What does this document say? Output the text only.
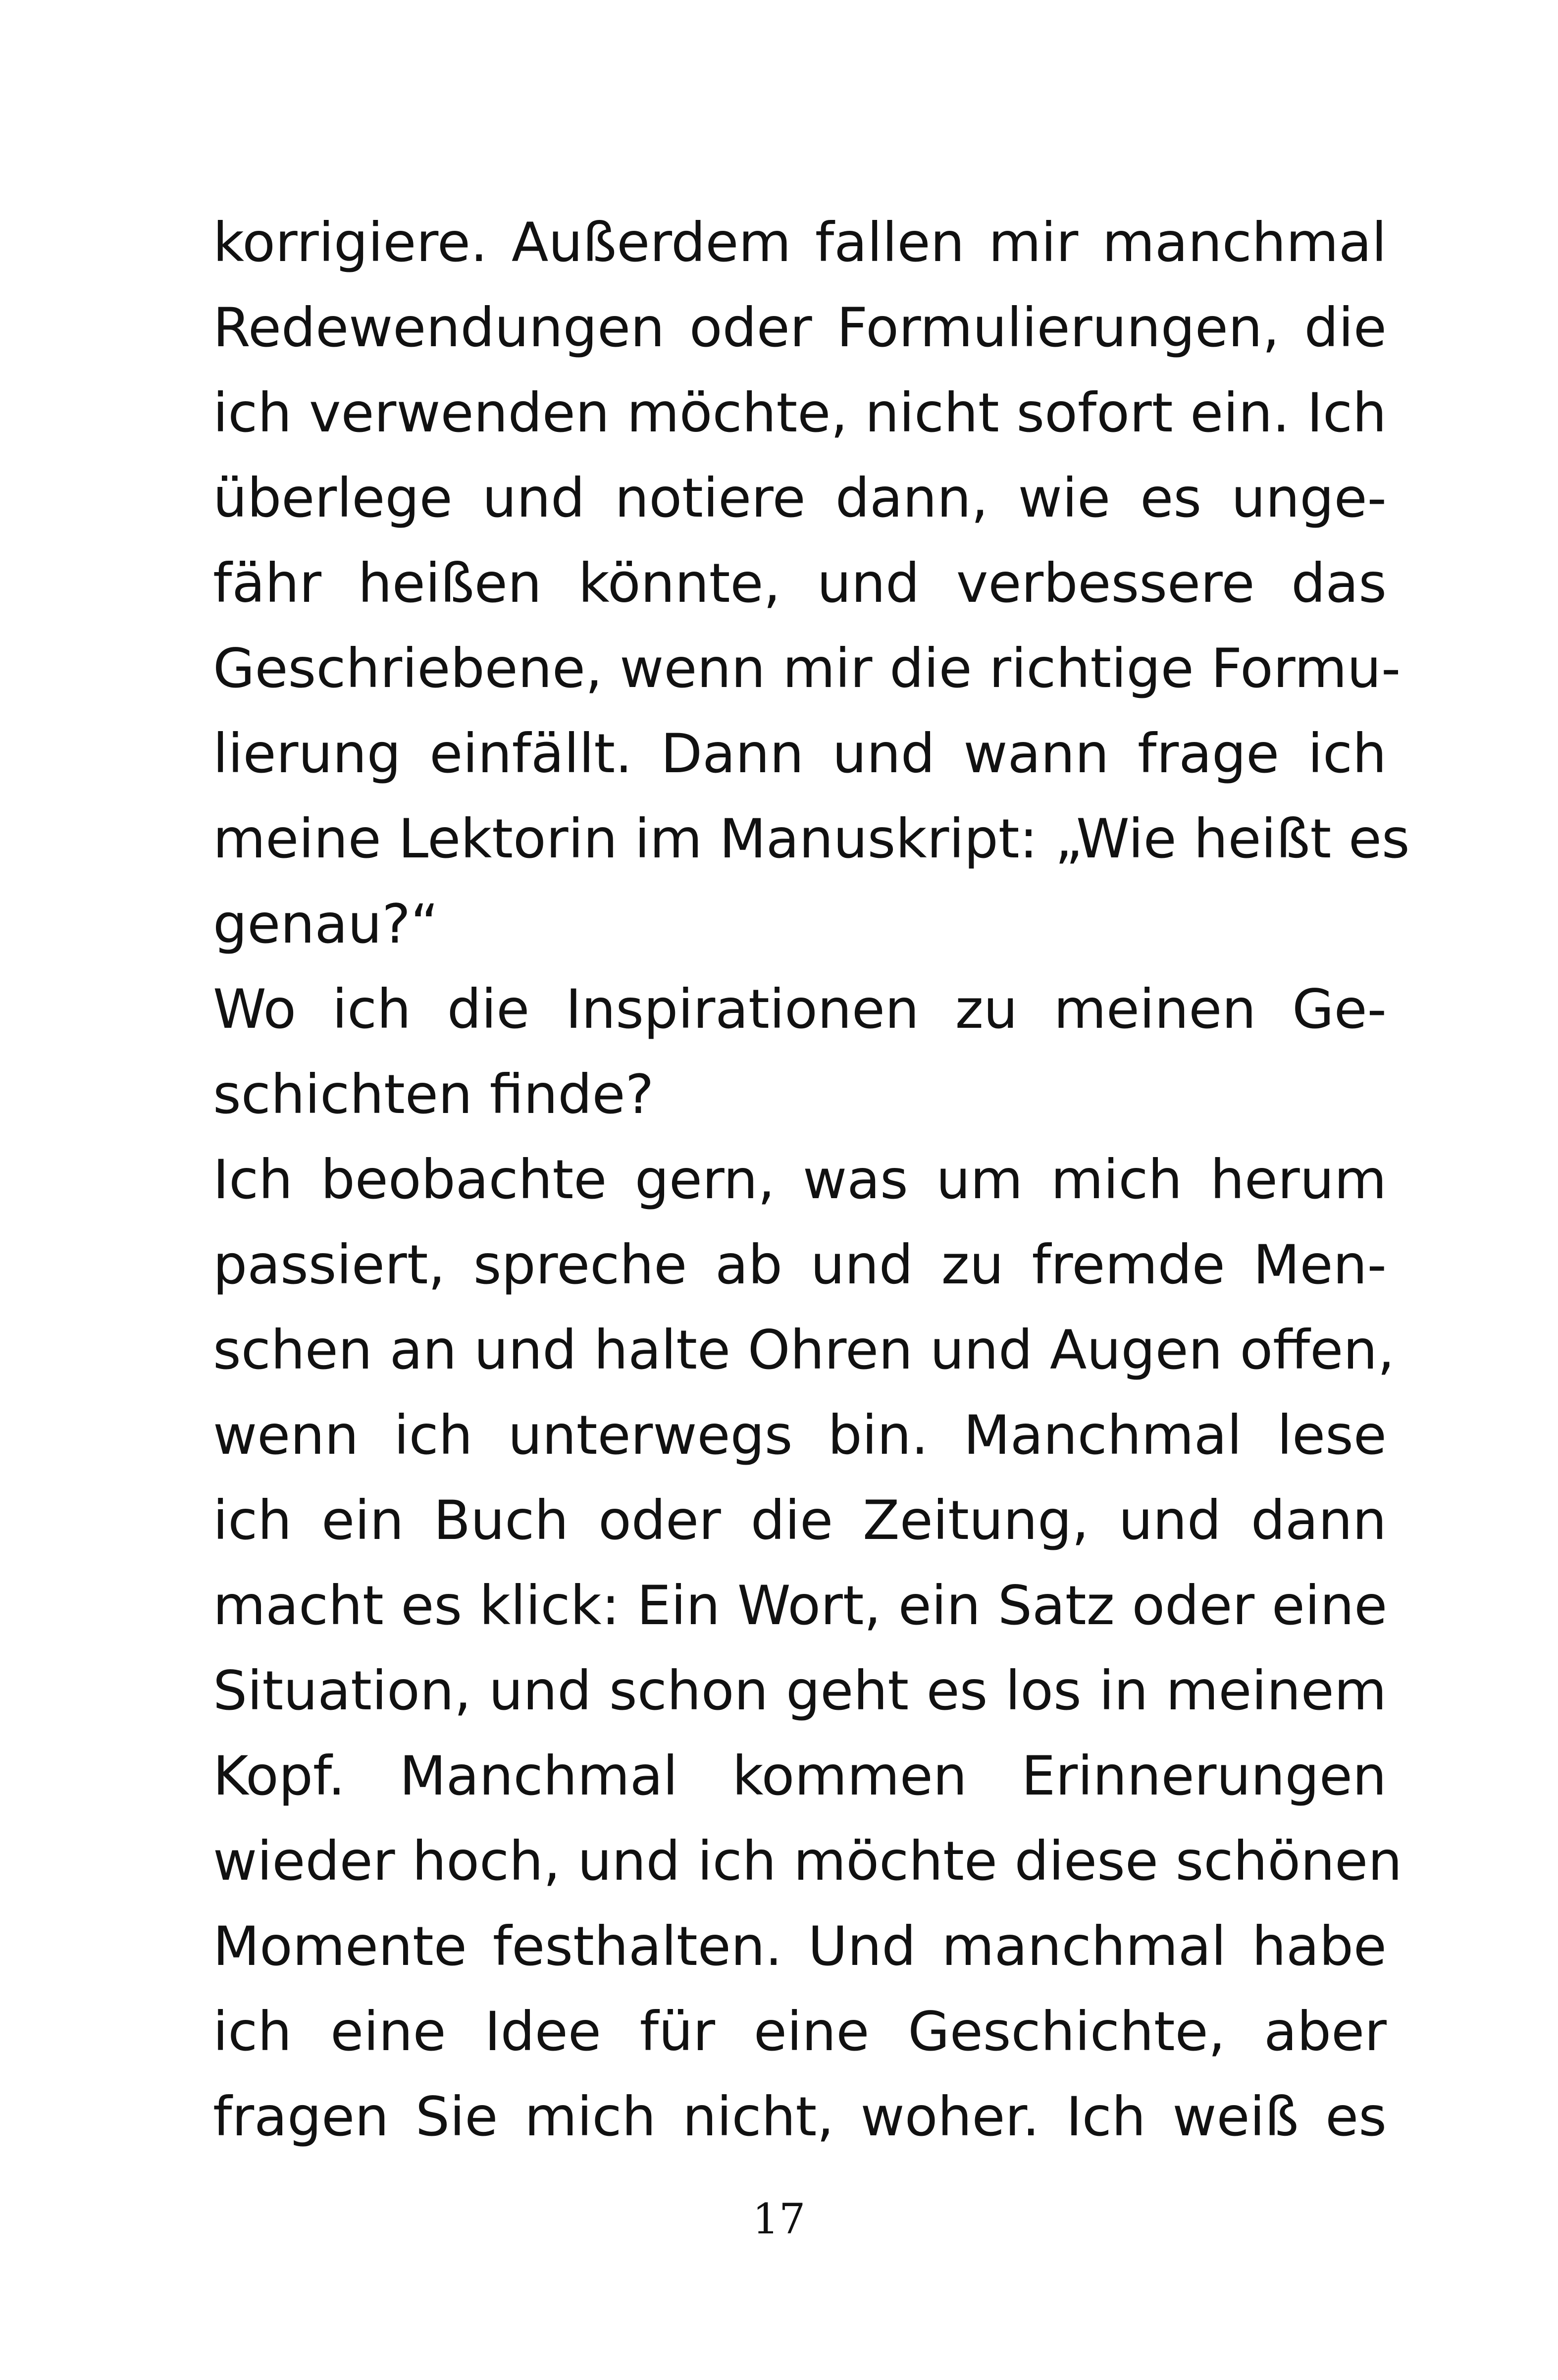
korrigiere. Außerdem fallen mir manchmal
Redewendungen oder Formulierungen, die
ich verwenden möchte, nicht sofort ein. Ich
überlege und notiere dann, wie es unge-
fähr heißen könnte, und verbessere das
Geschriebene, wenn mir die richtige Formu-
lierung einfällt. Dann und wann frage ich
meine Lektorin im Manuskript: „Wie heißt es
genau?“
Wo ich die Inspirationen zu meinen Ge-
schichten finde?
Ich beobachte gern, was um mich herum
passiert, spreche ab und zu fremde Men-
schen an und halte Ohren und Augen offen,
wenn ich unterwegs bin. Manchmal lese
ich ein Buch oder die Zeitung, und dann
macht es klick: Ein Wort, ein Satz oder eine
Situation, und schon geht es los in meinem
Kopf. Manchmal kommen Erinnerungen
wieder hoch, und ich möchte diese schönen
Momente festhalten. Und manchmal habe
ich eine Idee für eine Geschichte, aber
fragen Sie mich nicht, woher. Ich weiß es
17
